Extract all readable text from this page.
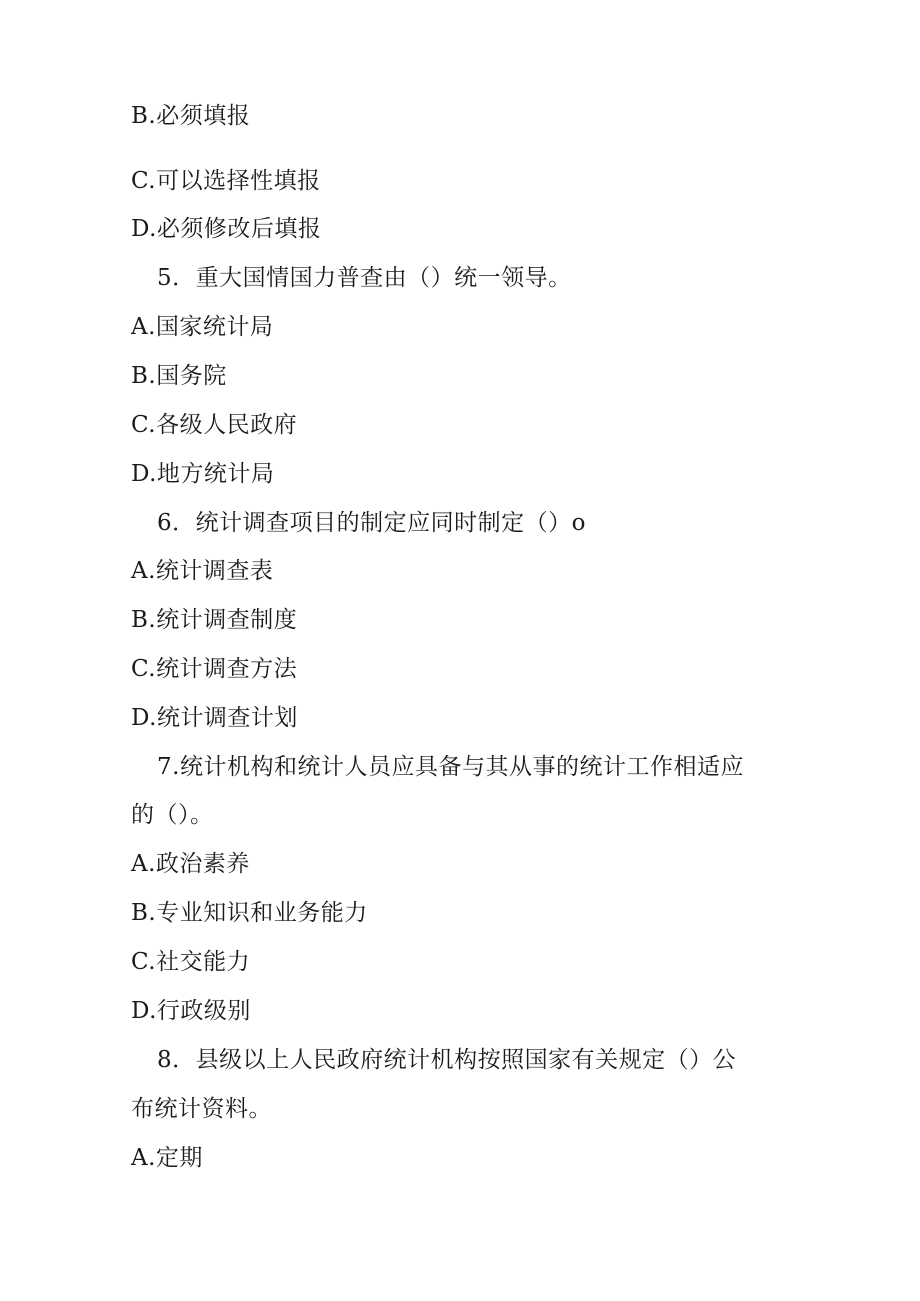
B.必须填报
C.可以选择性填报
D.必须修改后填报
5．重大国情国力普查由（）统一领导。
A.国家统计局
B.国务院
C.各级人民政府
D.地方统计局
6．统计调查项目的制定应同时制定（）o
A.统计调查表
B.统计调查制度
C.统计调查方法
D.统计调查计划
7.统计机构和统计人员应具备与其从事的统计工作相适应
的（）。
A.政治素养
B.专业知识和业务能力
C.社交能力
D.行政级别
8．县级以上人民政府统计机构按照国家有关规定（）公
布统计资料。
A.定期
